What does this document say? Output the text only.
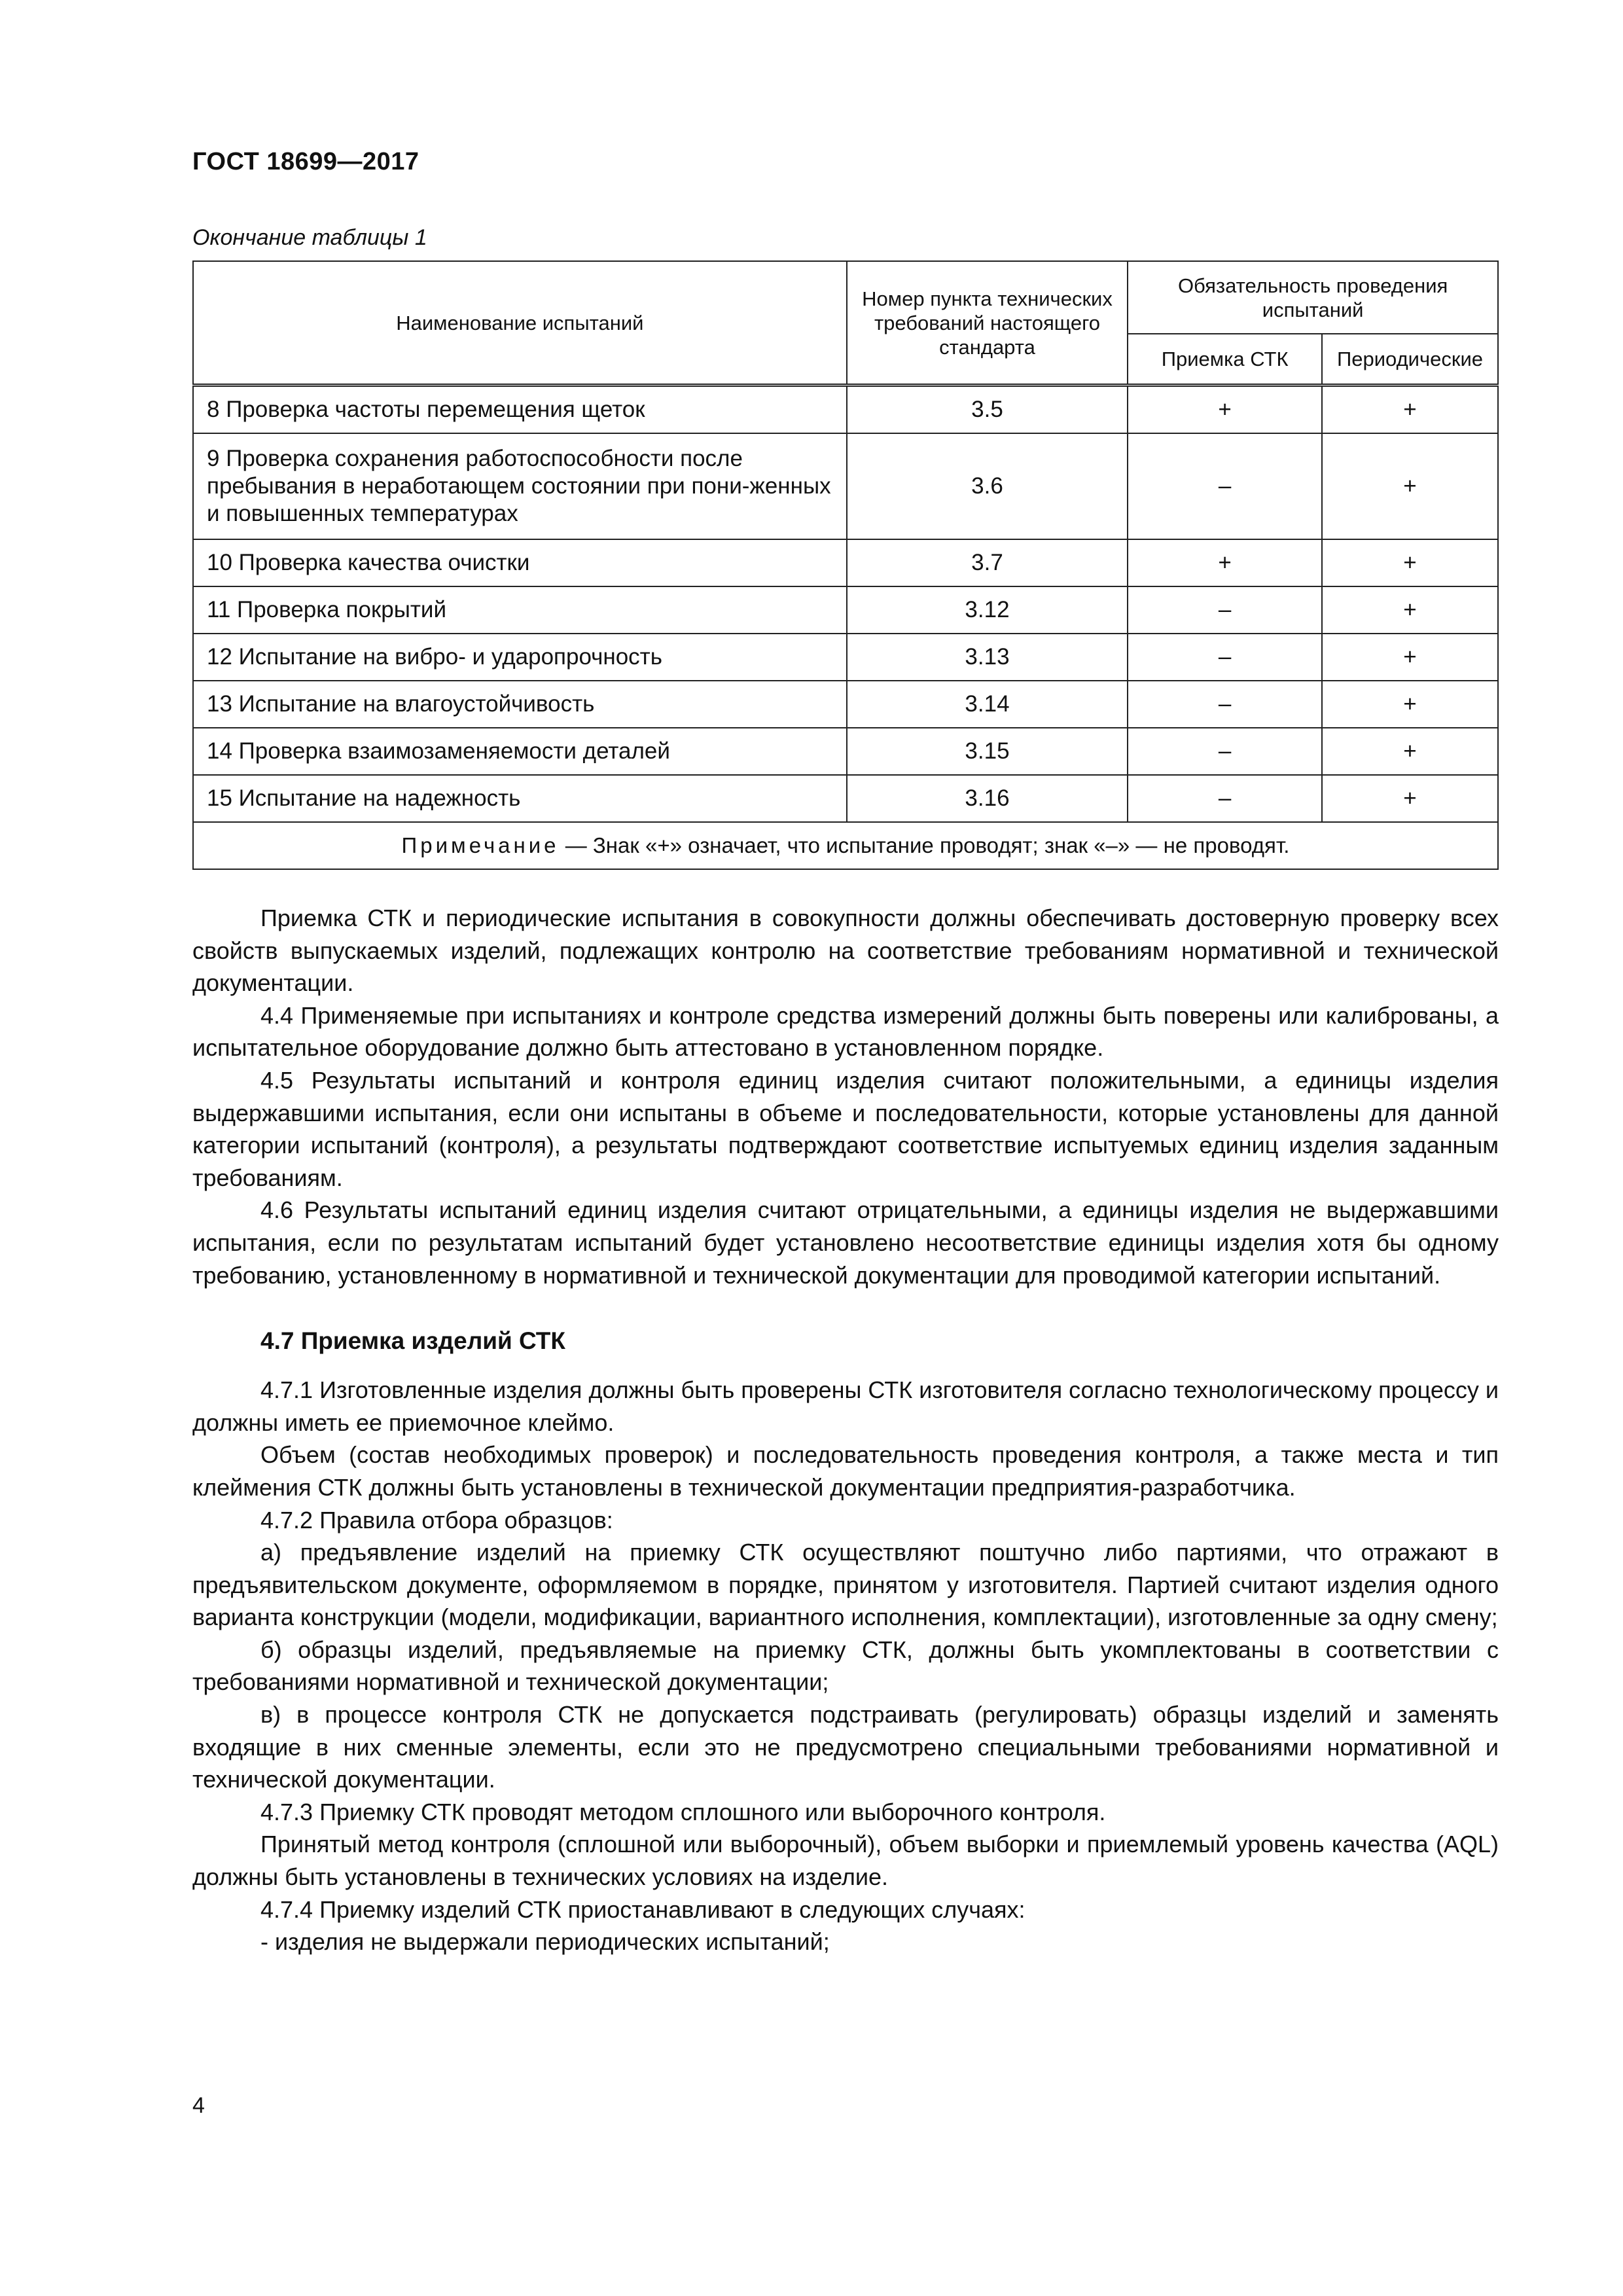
ГОСТ 18699—2017
Окончание таблицы 1
Наименование испытаний	Номер пункта технических требований настоящего стандарта	Обязательность проведения испытаний	
		Приемка СТК	Периодические
8 Проверка частоты перемещения щеток	3.5	+	+
9 Проверка сохранения работоспособности после пребывания в неработающем состоянии при пони-женных и повышенных температурах	3.6	–	+
10 Проверка качества очистки	3.7	+	+
11 Проверка покрытий	3.12	–	+
12 Испытание на вибро- и ударопрочность	3.13	–	+
13 Испытание на влагоустойчивость	3.14	–	+
14 Проверка взаимозаменяемости деталей	3.15	–	+
15 Испытание на надежность	3.16	–	+
Примечание — Знак «+» означает, что испытание проводят; знак «–» — не проводят.			

Приемка СТК и периодические испытания в совокупности должны обеспечивать достоверную проверку всех свойств выпускаемых изделий, подлежащих контролю на соответствие требованиям нормативной и технической документации.

4.4 Применяемые при испытаниях и контроле средства измерений должны быть поверены или калиброваны, а испытательное оборудование должно быть аттестовано в установленном порядке.

4.5 Результаты испытаний и контроля единиц изделия считают положительными, а единицы изделия выдержавшими испытания, если они испытаны в объеме и последовательности, которые установлены для данной категории испытаний (контроля), а результаты подтверждают соответствие испытуемых единиц изделия заданным требованиям.

4.6 Результаты испытаний единиц изделия считают отрицательными, а единицы изделия не выдержавшими испытания, если по результатам испытаний будет установлено несоответствие единицы изделия хотя бы одному требованию, установленному в нормативной и технической документации для проводимой категории испытаний.

4.7 Приемка изделий СТК

4.7.1 Изготовленные изделия должны быть проверены СТК изготовителя согласно технологическому процессу и должны иметь ее приемочное клеймо.

Объем (состав необходимых проверок) и последовательность проведения контроля, а также места и тип клеймения СТК должны быть установлены в технической документации предприятия-разработчика.

4.7.2 Правила отбора образцов:

а) предъявление изделий на приемку СТК осуществляют поштучно либо партиями, что отражают в предъявительском документе, оформляемом в порядке, принятом у изготовителя. Партией считают изделия одного варианта конструкции (модели, модификации, вариантного исполнения, комплектации), изготовленные за одну смену;

б) образцы изделий, предъявляемые на приемку СТК, должны быть укомплектованы в соответствии с требованиями нормативной и технической документации;

в) в процессе контроля СТК не допускается подстраивать (регулировать) образцы изделий и заменять входящие в них сменные элементы, если это не предусмотрено специальными требованиями нормативной и технической документации.

4.7.3 Приемку СТК проводят методом сплошного или выборочного контроля.

Принятый метод контроля (сплошной или выборочный), объем выборки и приемлемый уровень качества (AQL) должны быть установлены в технических условиях на изделие.

4.7.4 Приемку изделий СТК приостанавливают в следующих случаях:

- изделия не выдержали периодических испытаний;

4
